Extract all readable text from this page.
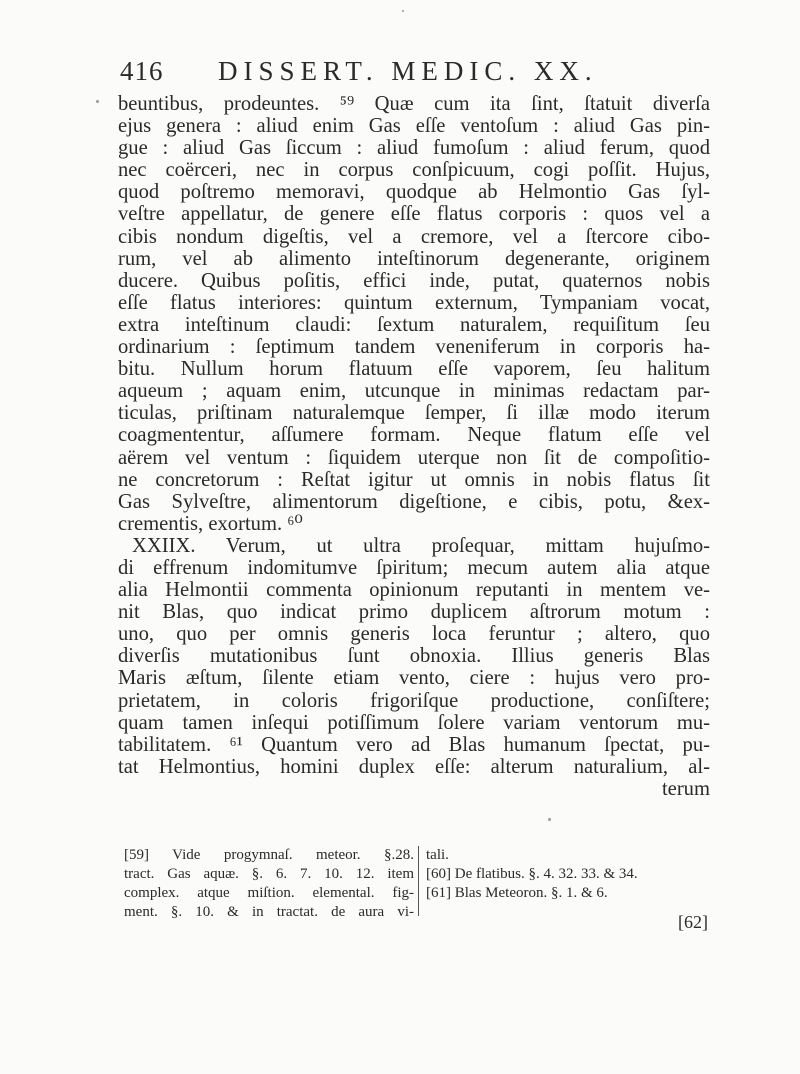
416 DISSERT. MEDIC. XX.
beuntibus, prodeuntes. ⁵⁹ Quæ cum ita ſint, ſtatuit diverſa
ejus genera : aliud enim Gas eſſe ventoſum : aliud Gas pin-
gue : aliud Gas ſiccum : aliud fumoſum : aliud ferum, quod
nec coërceri, nec in corpus conſpicuum, cogi poſſit. Hujus,
quod poſtremo memoravi, quodque ab Helmontio Gas ſyl-
veſtre appellatur, de genere eſſe flatus corporis : quos vel a
cibis nondum digeſtis, vel a cremore, vel a ſtercore cibo-
rum, vel ab alimento inteſtinorum degenerante, originem
ducere. Quibus poſitis, effici inde, putat, quaternos nobis
eſſe flatus interiores: quintum externum, Tympaniam vocat,
extra inteſtinum claudi: ſextum naturalem, requiſitum ſeu
ordinarium : ſeptimum tandem veneniferum in corporis ha-
bitu. Nullum horum flatuum eſſe vaporem, ſeu halitum
aqueum ; aquam enim, utcunque in minimas redactam par-
ticulas, priſtinam naturalemque ſemper, ſi illæ modo iterum
coagmententur, aſſumere formam. Neque flatum eſſe vel
aërem vel ventum : ſiquidem uterque non ſit de compoſitio-
ne concretorum : Reſtat igitur ut omnis in nobis flatus ſit
Gas Sylveſtre, alimentorum digeſtione, e cibis, potu, &ex-
crementis, exortum. ⁶⁰
XXIIX. Verum, ut ultra proſequar, mittam hujuſmo-
di effrenum indomitumve ſpiritum; mecum autem alia atque
alia Helmontii commenta opinionum reputanti in mentem ve-
nit Blas, quo indicat primo duplicem aſtrorum motum :
uno, quo per omnis generis loca feruntur ; altero, quo
diverſis mutationibus ſunt obnoxia. Illius generis Blas
Maris æſtum, ſilente etiam vento, ciere : hujus vero pro-
prietatem, in coloris frigoriſque productione, conſiſtere;
quam tamen inſequi potiſſimum ſolere variam ventorum mu-
tabilitatem. ⁶¹ Quantum vero ad Blas humanum ſpectat, pu-
tat Helmontius, homini duplex eſſe: alterum naturalium, al-
terum
[59] Vide progymnaſ. meteor. §.28.
tract. Gas aquæ. §. 6. 7. 10. 12. item
complex. atque miſtion. elemental. fig-
ment. §. 10. & in tractat. de aura vi-
tali.
[60] De flatibus. §. 4. 32. 33. & 34.
[61] Blas Meteoron. §. 1. & 6.
[62]
